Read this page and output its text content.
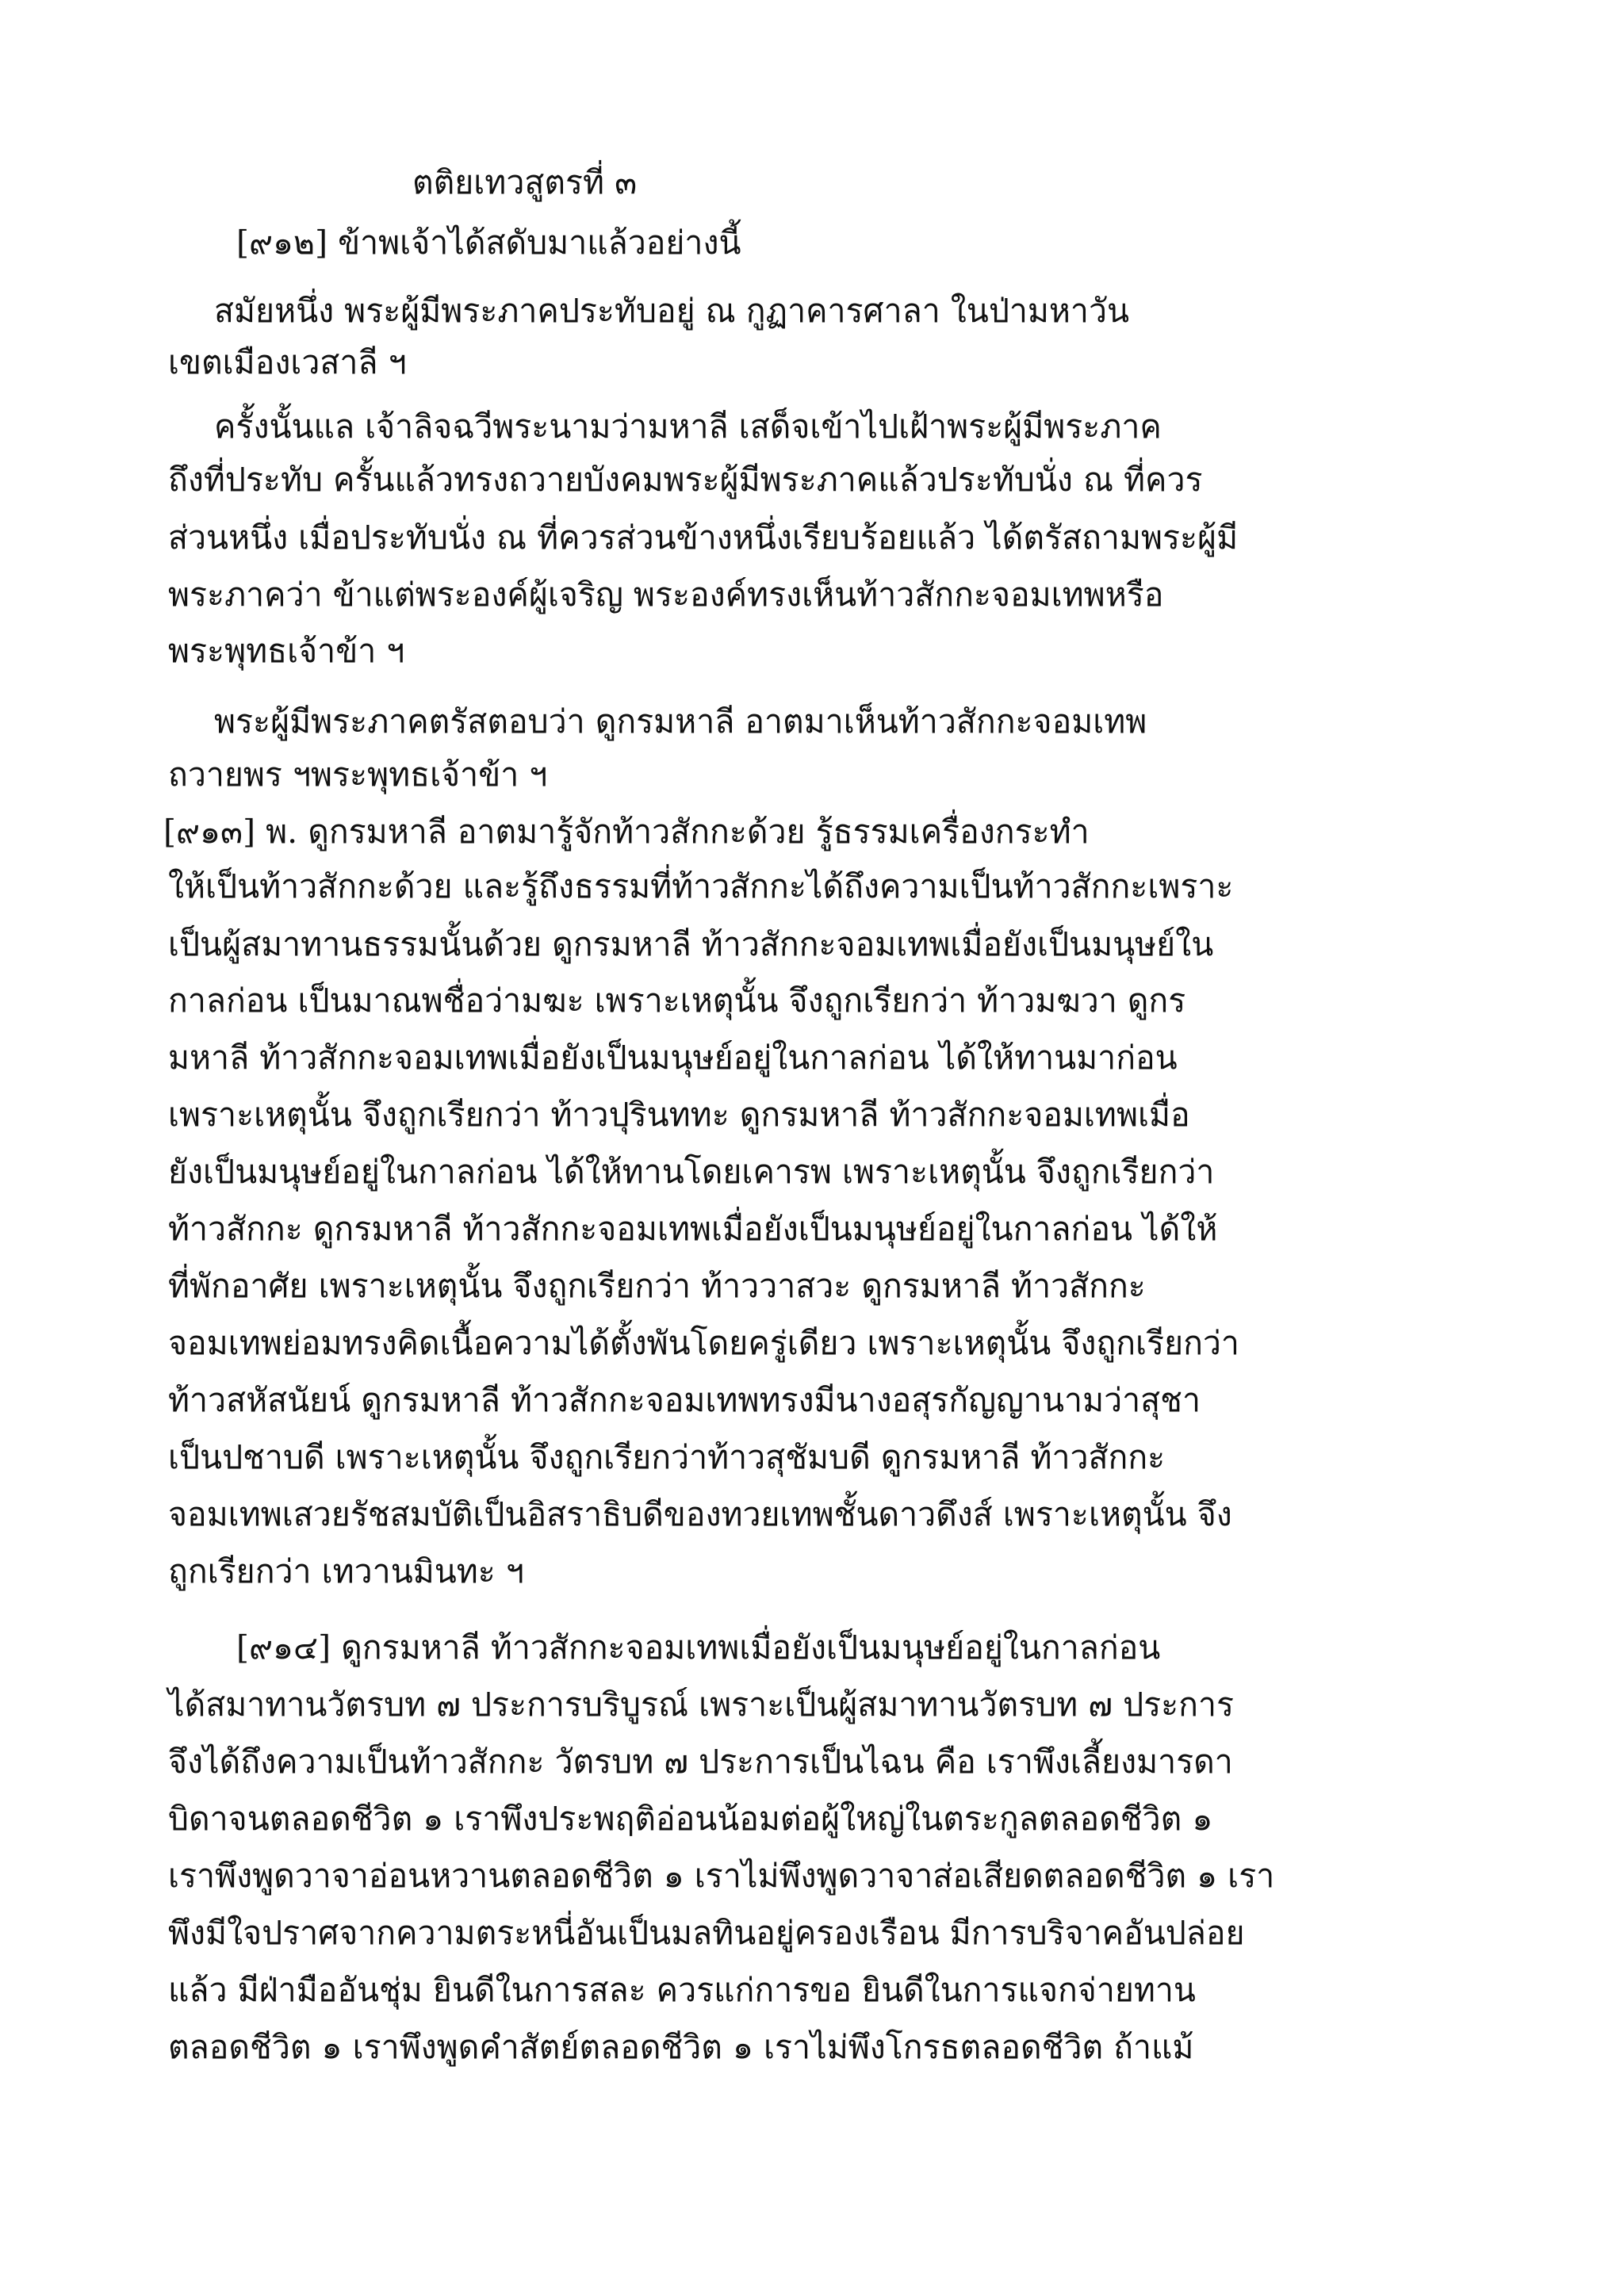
ตติยเทวสูตรที่ ๓
[๙๑๒] ข้าพเจ้าได้สดับมาแล้วอย่างนี้
สมัยหนึ่ง พระผู้มีพระภาคประทับอยู่ ณ กูฏาคารศาลา ในป่ามหาวัน
เขตเมืองเวสาลี ฯ
ครั้งนั้นแล เจ้าลิจฉวีพระนามว่ามหาลี เสด็จเข้าไปเฝ้าพระผู้มีพระภาค
ถึงที่ประทับ ครั้นแล้วทรงถวายบังคมพระผู้มีพระภาคแล้วประทับนั่ง ณ ที่ควร
ส่วนหนึ่ง เมื่อประทับนั่ง ณ ที่ควรส่วนข้างหนึ่งเรียบร้อยแล้ว ได้ตรัสถามพระผู้มี
พระภาคว่า ข้าแต่พระองค์ผู้เจริญ พระองค์ทรงเห็นท้าวสักกะจอมเทพหรือ
พระพุทธเจ้าข้า ฯ
พระผู้มีพระภาคตรัสตอบว่า ดูกรมหาลี อาตมาเห็นท้าวสักกะจอมเทพ
ถวายพร ฯพระพุทธเจ้าข้า ฯ
[๙๑๓] พ. ดูกรมหาลี อาตมารู้จักท้าวสักกะด้วย รู้ธรรมเครื่องกระทำ
ให้เป็นท้าวสักกะด้วย และรู้ถึงธรรมที่ท้าวสักกะได้ถึงความเป็นท้าวสักกะเพราะ
เป็นผู้สมาทานธรรมนั้นด้วย ดูกรมหาลี ท้าวสักกะจอมเทพเมื่อยังเป็นมนุษย์ใน
กาลก่อน เป็นมาณพชื่อว่ามฆะ เพราะเหตุนั้น จึงถูกเรียกว่า ท้าวมฆวา ดูกร
มหาลี ท้าวสักกะจอมเทพเมื่อยังเป็นมนุษย์อยู่ในกาลก่อน ได้ให้ทานมาก่อน
เพราะเหตุนั้น จึงถูกเรียกว่า ท้าวปุรินททะ ดูกรมหาลี ท้าวสักกะจอมเทพเมื่อ
ยังเป็นมนุษย์อยู่ในกาลก่อน ได้ให้ทานโดยเคารพ เพราะเหตุนั้น จึงถูกเรียกว่า
ท้าวสักกะ ดูกรมหาลี ท้าวสักกะจอมเทพเมื่อยังเป็นมนุษย์อยู่ในกาลก่อน ได้ให้
ที่พักอาศัย เพราะเหตุนั้น จึงถูกเรียกว่า ท้าววาสวะ ดูกรมหาลี ท้าวสักกะ
จอมเทพย่อมทรงคิดเนื้อความได้ตั้งพันโดยครู่เดียว เพราะเหตุนั้น จึงถูกเรียกว่า
ท้าวสหัสนัยน์ ดูกรมหาลี ท้าวสักกะจอมเทพทรงมีนางอสุรกัญญานามว่าสุชา
เป็นปชาบดี เพราะเหตุนั้น จึงถูกเรียกว่าท้าวสุชัมบดี ดูกรมหาลี ท้าวสักกะ
จอมเทพเสวยรัชสมบัติเป็นอิสราธิบดีของทวยเทพชั้นดาวดึงส์ เพราะเหตุนั้น จึง
ถูกเรียกว่า เทวานมินทะ ฯ
[๙๑๔] ดูกรมหาลี ท้าวสักกะจอมเทพเมื่อยังเป็นมนุษย์อยู่ในกาลก่อน
ได้สมาทานวัตรบท ๗ ประการบริบูรณ์ เพราะเป็นผู้สมาทานวัตรบท ๗ ประการ
จึงได้ถึงความเป็นท้าวสักกะ วัตรบท ๗ ประการเป็นไฉน คือ เราพึงเลี้ยงมารดา
บิดาจนตลอดชีวิต ๑ เราพึงประพฤติอ่อนน้อมต่อผู้ใหญ่ในตระกูลตลอดชีวิต ๑
เราพึงพูดวาจาอ่อนหวานตลอดชีวิต ๑ เราไม่พึงพูดวาจาส่อเสียดตลอดชีวิต ๑ เรา
พึงมีใจปราศจากความตระหนี่อันเป็นมลทินอยู่ครองเรือน มีการบริจาคอันปล่อย
แล้ว มีฝ่ามืออันชุ่ม ยินดีในการสละ ควรแก่การขอ ยินดีในการแจกจ่ายทาน
ตลอดชีวิต ๑ เราพึงพูดคำสัตย์ตลอดชีวิต ๑ เราไม่พึงโกรธตลอดชีวิต ถ้าแม้
